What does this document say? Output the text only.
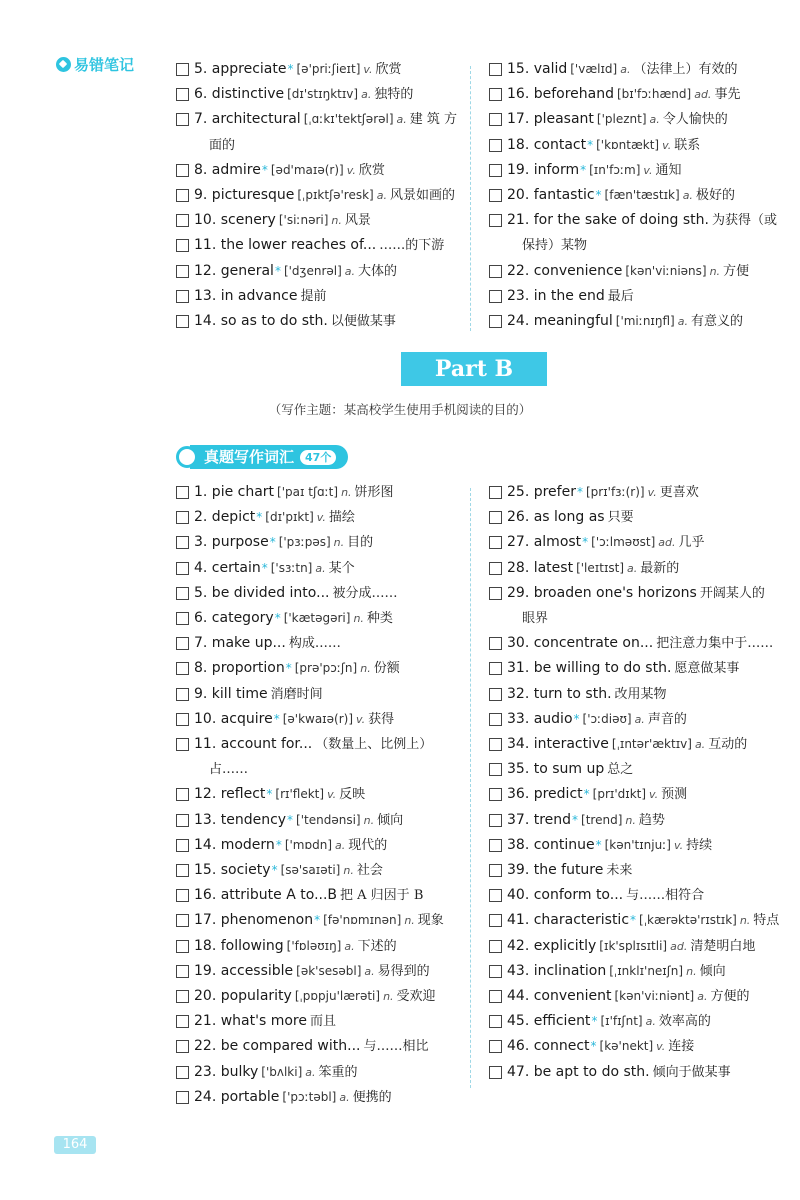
易错笔记	5. appreciate * [ə'priːʃieɪt] v. 欣赏
6. distinctive [dɪ'stɪŋktɪv] a. 独特的
7. architectural [ˌɑːkɪ'tektʃərəl] a. 建 筑 方
面的
8. admire * [əd'maɪə(r)] v. 欣赏
9. picturesque [ˌpɪktʃə'resk] a. 风景如画的
10. scenery ['siːnəri] n. 风景
11. the lower reaches of... ……的下游
12. general * ['dʒenrəl] a. 大体的
13. in advance 提前
14. so as to do sth. 以便做某事
15. valid ['vælɪd] a. （法律上）有效的
16. beforehand [bɪ'fɔːhænd] ad. 事先
17. pleasant ['pleznt] a. 令人愉快的
18. contact * ['kɒntækt] v. 联系
19. inform * [ɪn'fɔːm] v. 通知
20. fantastic * [fæn'tæstɪk] a. 极好的
21. for the sake of doing sth. 为获得（或
保持）某物
22. convenience [kən'viːniəns] n. 方便
23. in the end 最后
24. meaningful ['miːnɪŋfl] a. 有意义的
Part B
（写作主题：某高校学生使用手机阅读的目的）
真题写作词汇	47个
1. pie chart ['paɪ tʃɑːt] n. 饼形图
2. depict * [dɪ'pɪkt] v. 描绘
3. purpose * ['pɜːpəs] n. 目的
4. certain * ['sɜːtn] a. 某个
5. be divided into... 被分成……
6. category * ['kætəgəri] n. 种类
7. make up... 构成……
8. proportion * [prə'pɔːʃn] n. 份额
9. kill time 消磨时间
10. acquire * [ə'kwaɪə(r)] v. 获得
11. account for... （数量上、比例上）
占……
12. reflect * [rɪ'flekt] v. 反映
13. tendency * ['tendənsi] n. 倾向
14. modern * ['mɒdn] a. 现代的
15. society * [sə'saɪəti] n. 社会
16. attribute A to...B 把 A 归因于 B
17. phenomenon * [fə'nɒmɪnən] n. 现象
18. following ['fɒləʊɪŋ] a. 下述的
19. accessible [ək'sesəbl] a. 易得到的
20. popularity [ˌpɒpju'lærəti] n. 受欢迎
21. what's more 而且
22. be compared with... 与……相比
23. bulky ['bʌlki] a. 笨重的
24. portable ['pɔːtəbl] a. 便携的
25. prefer * [prɪ'fɜː(r)] v. 更喜欢
26. as long as 只要
27. almost * ['ɔːlməʊst] ad. 几乎
28. latest ['leɪtɪst] a. 最新的
29. broaden one's horizons 开阔某人的
眼界
30. concentrate on... 把注意力集中于……
31. be willing to do sth. 愿意做某事
32. turn to sth. 改用某物
33. audio * ['ɔːdiəʊ] a. 声音的
34. interactive [ˌɪntər'æktɪv] a. 互动的
35. to sum up 总之
36. predict * [prɪ'dɪkt] v. 预测
37. trend * [trend] n. 趋势
38. continue * [kən'tɪnjuː] v. 持续
39. the future 未来
40. conform to... 与……相符合
41. characteristic * [ˌkærəktə'rɪstɪk] n. 特点
42. explicitly [ɪk'splɪsɪtli] ad. 清楚明白地
43. inclination [ˌɪnklɪ'neɪʃn] n. 倾向
44. convenient [kən'viːniənt] a. 方便的
45. efficient * [ɪ'fɪʃnt] a. 效率高的
46. connect * [kə'nekt] v. 连接
47. be apt to do sth. 倾向于做某事
164
